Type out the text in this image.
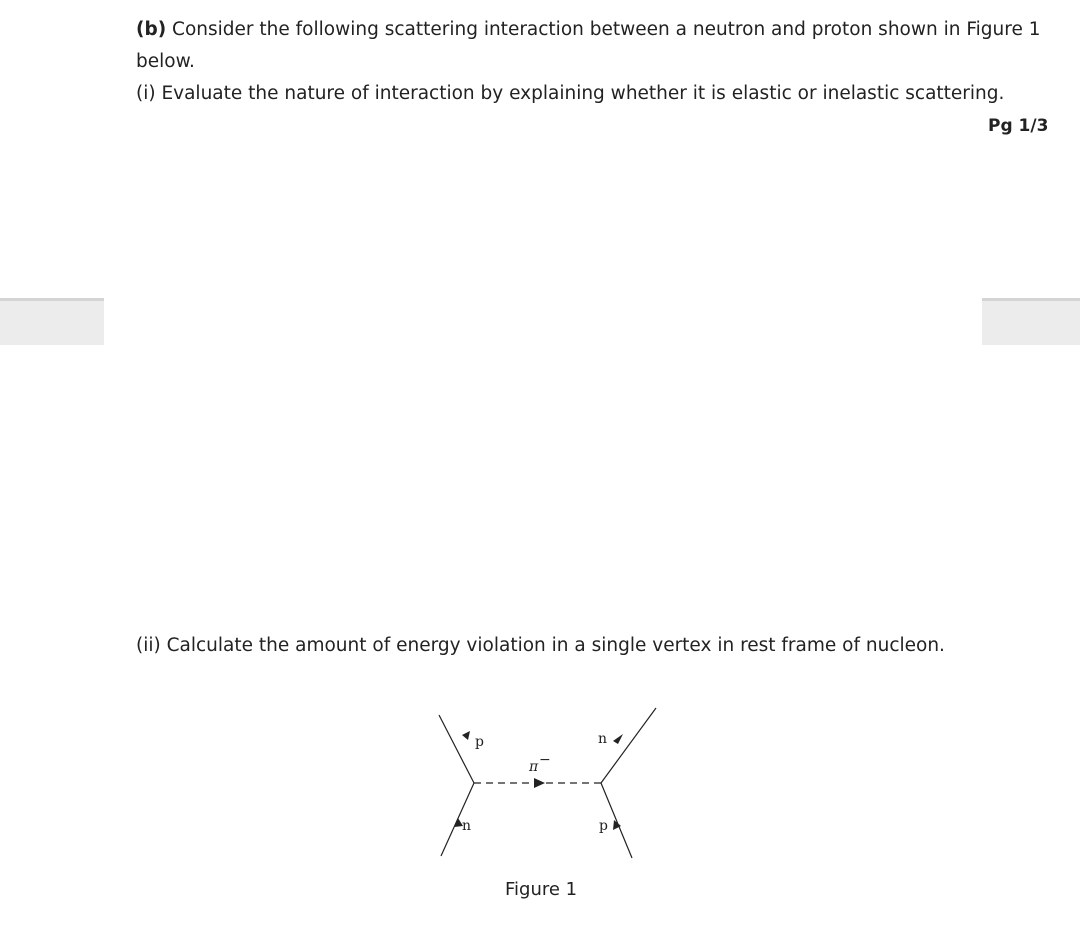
(b) Consider the following scattering interaction between a neutron and proton shown in Figure 1
below.
(i) Evaluate the nature of interaction by explaining whether it is elastic or inelastic scattering.
Pg 1/3
(ii) Calculate the amount of energy violation in a single vertex in rest frame of nucleon.
p	n
π −
n	p
Figure 1
